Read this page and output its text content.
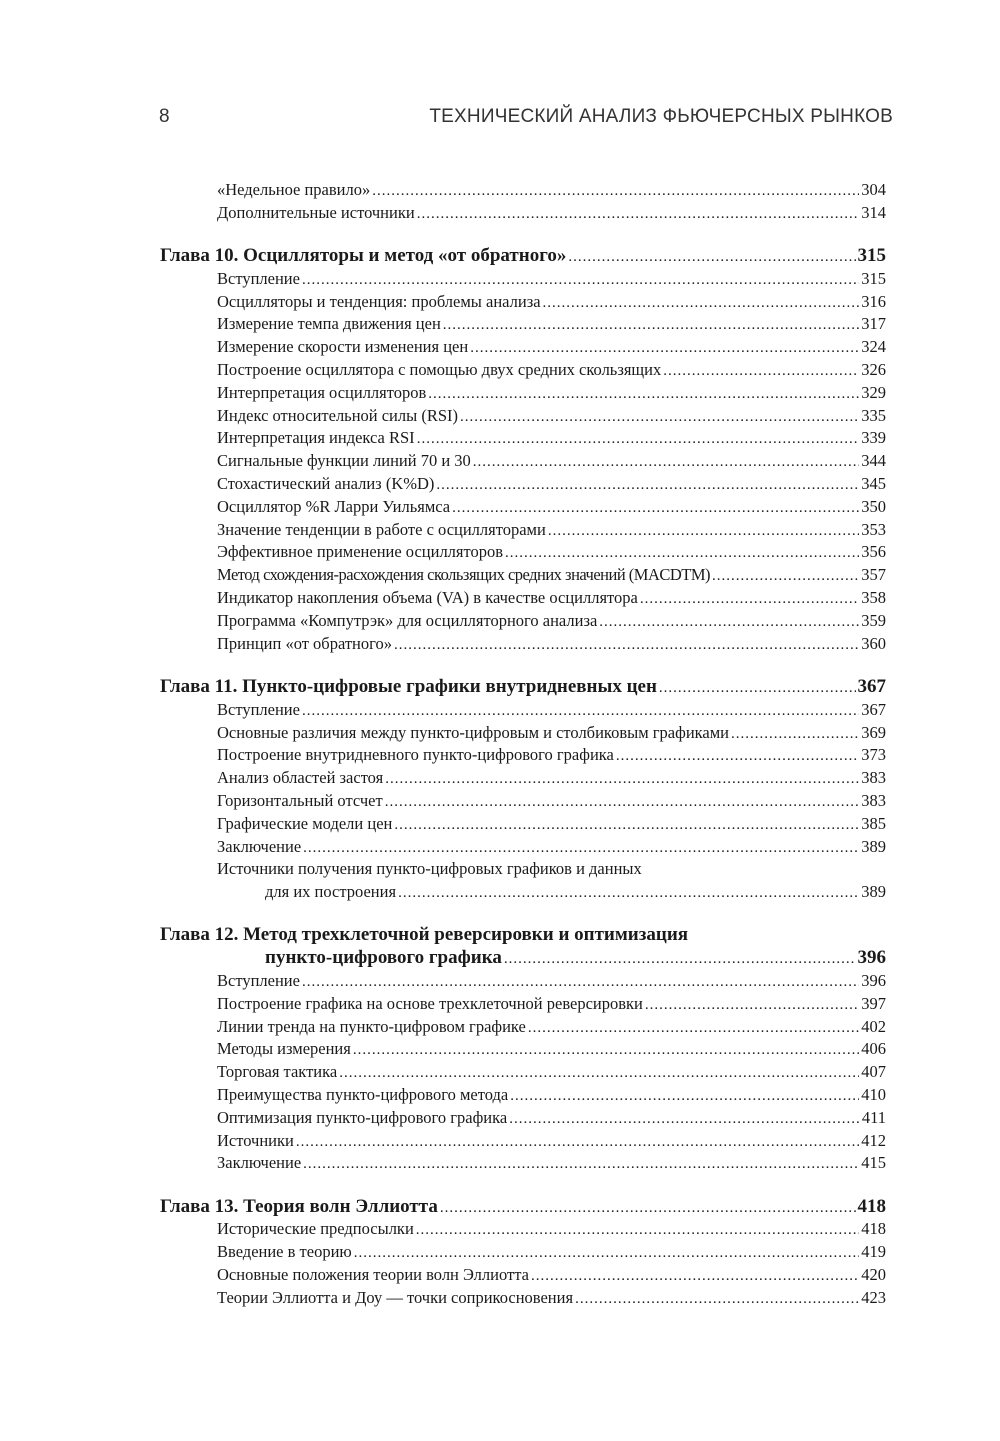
8	ТЕХНИЧЕСКИЙ АНАЛИЗ ФЬЮЧЕРСНЫХ РЫНКОВ
«Недельное правило» .....	304
Дополнительные источники .....	314
Глава 10. Осцилляторы и метод «от обратного» .....	315
Вступление .....	315
Осцилляторы и тенденция: проблемы анализа .....	316
Измерение темпа движения цен .....	317
Измерение скорости изменения цен .....	324
Построение осциллятора с помощью двух средних скользящих .....	326
Интерпретация осцилляторов .....	329
Индекс относительной силы (RSI) .....	335
Интерпретация индекса RSI .....	339
Сигнальные функции линий 70 и 30 .....	344
Стохастический анализ (K%D) .....	345
Осциллятор %R Ларри Уильямса .....	350
Значение тенденции в работе с осцилляторами .....	353
Эффективное применение осцилляторов .....	356
Метод схождения-расхождения скользящих средних значений (MACDTM) .....	357
Индикатор накопления объема (VA) в качестве осциллятора .....	358
Программа «Компутрэк» для осцилляторного анализа .....	359
Принцип «от обратного» .....	360
Глава 11. Пункто-цифровые графики внутридневных цен .....	367
Вступление .....	367
Основные различия между пункто-цифровым и столбиковым графиками .....	369
Построение внутридневного пункто-цифрового графика .....	373
Анализ областей застоя .....	383
Горизонтальный отсчет .....	383
Графические модели цен .....	385
Заключение .....	389
Источники получения пункто-цифровых графиков и данных
для их построения .....	389
Глава 12. Метод трехклеточной реверсировки и оптимизация
пункто-цифрового графика .....	396
Вступление .....	396
Построение графика на основе трехклеточной реверсировки .....	397
Линии тренда на пункто-цифровом графике .....	402
Методы измерения .....	406
Торговая тактика .....	407
Преимущества пункто-цифрового метода .....	410
Оптимизация пункто-цифрового графика .....	411
Источники .....	412
Заключение .....	415
Глава 13. Теория волн Эллиотта .....	418
Исторические предпосылки .....	418
Введение в теорию .....	419
Основные положения теории волн Эллиотта .....	420
Теории Эллиотта и Доу — точки соприкосновения .....	423
